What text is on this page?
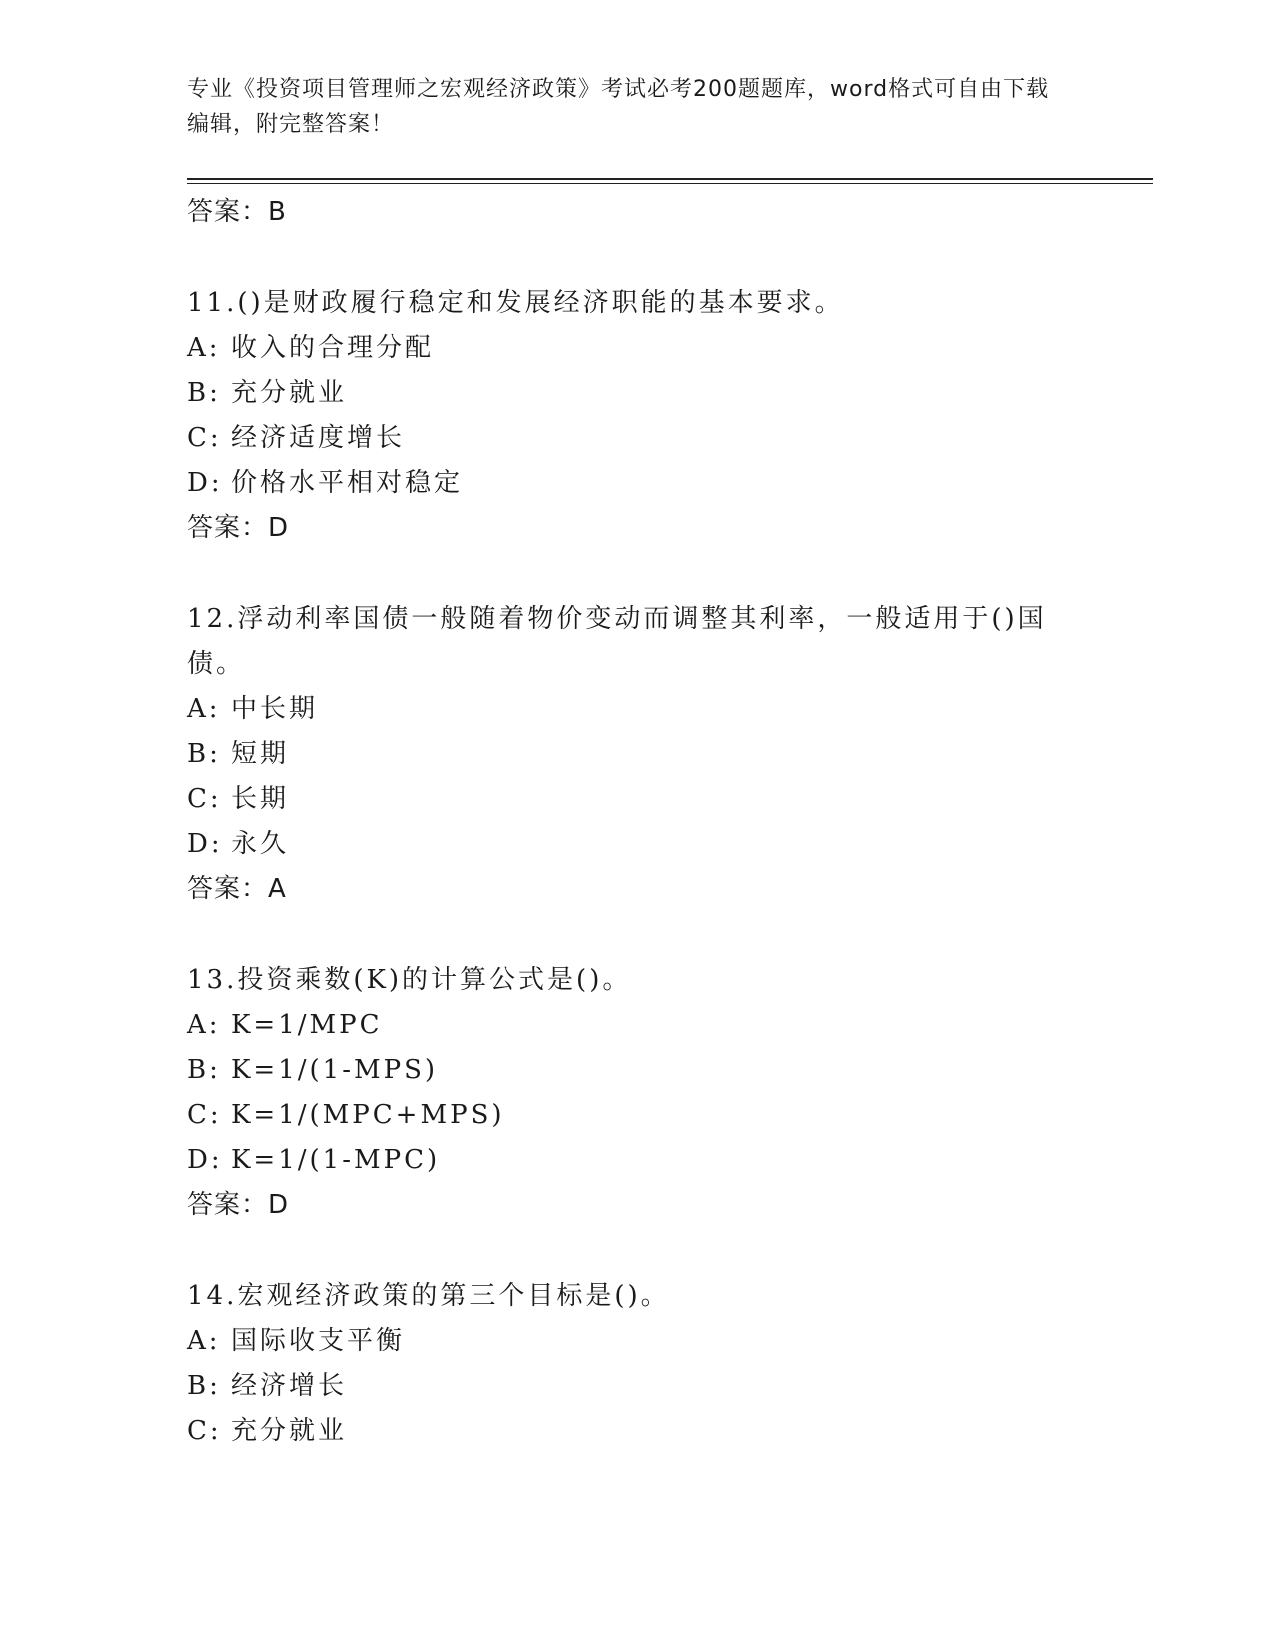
专业《投资项目管理师之宏观经济政策》考试必考200题题库，word格式可自由下载编辑，附完整答案！

答案：B

11.()是财政履行稳定和发展经济职能的基本要求。

A: 收入的合理分配

B: 充分就业

C: 经济适度增长

D: 价格水平相对稳定

答案：D

12.浮动利率国债一般随着物价变动而调整其利率，一般适用于()国债。

A: 中长期

B: 短期

C: 长期

D: 永久

答案：A

13.投资乘数(K)的计算公式是()。

A: K=1/MPC

B: K=1/(1-MPS)

C: K=1/(MPC+MPS)

D: K=1/(1-MPC)

答案：D

14.宏观经济政策的第三个目标是()。

A: 国际收支平衡

B: 经济增长

C: 充分就业
